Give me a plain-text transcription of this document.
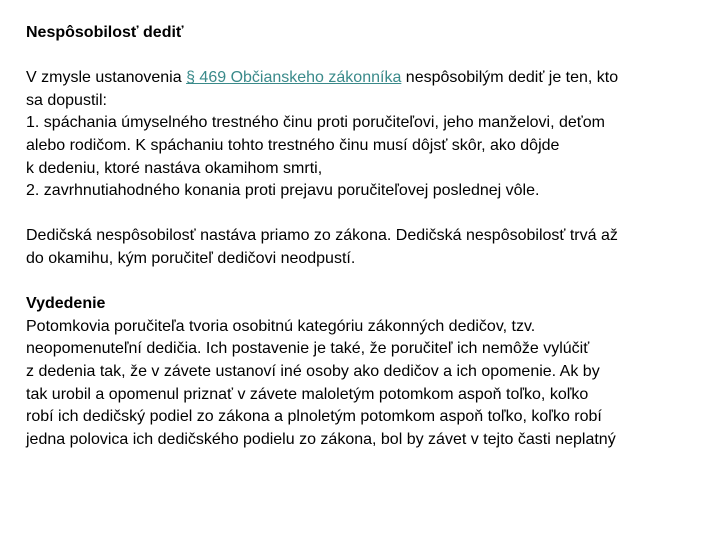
Nespôsobilosť dediť
V zmysle ustanovenia § 469 Občianskeho zákonníka nespôsobilým dediť je ten, kto
sa dopustil:
1. spáchania úmyselného trestného činu proti poručiteľovi, jeho manželovi, deťom
alebo rodičom. K spáchaniu tohto trestného činu musí dôjsť skôr, ako dôjde
k dedeniu, ktoré nastáva okamihom smrti,
2. zavrhnutiahodného konania proti prejavu poručiteľovej poslednej vôle.
Dedičská nespôsobilosť nastáva priamo zo zákona. Dedičská nespôsobilosť trvá až
do okamihu, kým poručiteľ dedičovi neodpustí.
Vydedenie
Potomkovia poručiteľa tvoria osobitnú kategóriu zákonných dedičov, tzv.
neopomenuteľní dedičia. Ich postavenie je také, že poručiteľ ich nemôže vylúčiť
z dedenia tak, že v závete ustanoví iné osoby ako dedičov a ich opomenie. Ak by
tak urobil a opomenul priznať v závete maloletým potomkom aspoň toľko, koľko
robí ich dedičský podiel zo zákona a plnoletým potomkom aspoň toľko, koľko robí
jedna polovica ich dedičského podielu zo zákona, bol by závet v tejto časti neplatný
